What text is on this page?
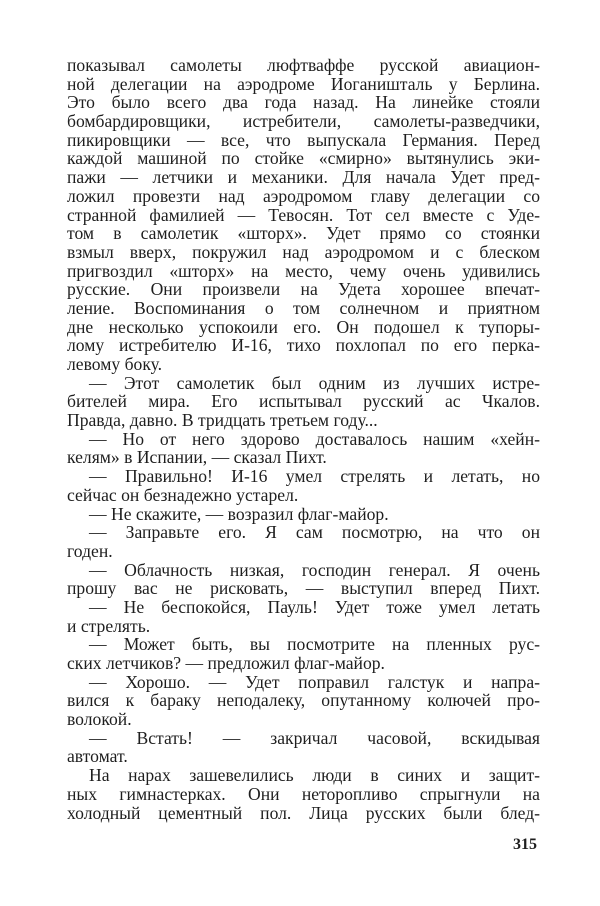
показывал самолеты люфтваффе русской авиацион-
ной делегации на аэродроме Иоганишталь у Берлина.
Это было всего два года назад. На линейке стояли
бомбардировщики, истребители, самолеты-разведчики,
пикировщики — все, что выпускала Германия. Перед
каждой машиной по стойке «смирно» вытянулись эки-
пажи — летчики и механики. Для начала Удет пред-
ложил провезти над аэродромом главу делегации со
странной фамилией — Тевосян. Тот сел вместе с Уде-
том в самолетик «шторх». Удет прямо со стоянки
взмыл вверх, покружил над аэродромом и с блеском
пригвоздил «шторх» на место, чему очень удивились
русские. Они произвели на Удета хорошее впечат-
ление. Воспоминания о том солнечном и приятном
дне несколько успокоили его. Он подошел к тупоры-
лому истребителю И-16, тихо похлопал по его перка-
левому боку.
— Этот самолетик был одним из лучших истре-
бителей мира. Его испытывал русский ас Чкалов.
Правда, давно. В тридцать третьем году...
— Но от него здорово доставалось нашим «хейн-
келям» в Испании, — сказал Пихт.
— Правильно! И-16 умел стрелять и летать, но
сейчас он безнадежно устарел.
— Не скажите, — возразил флаг-майор.
— Заправьте его. Я сам посмотрю, на что он
годен.
— Облачность низкая, господин генерал. Я очень
прошу вас не рисковать, — выступил вперед Пихт.
— Не беспокойся, Пауль! Удет тоже умел летать
и стрелять.
— Может быть, вы посмотрите на пленных рус-
ских летчиков? — предложил флаг-майор.
— Хорошо. — Удет поправил галстук и напра-
вился к бараку неподалеку, опутанному колючей про-
волокой.
— Встать! — закричал часовой, вскидывая
автомат.
На нарах зашевелились люди в синих и защит-
ных гимнастерках. Они неторопливо спрыгнули на
холодный цементный пол. Лица русских были блед-
315
